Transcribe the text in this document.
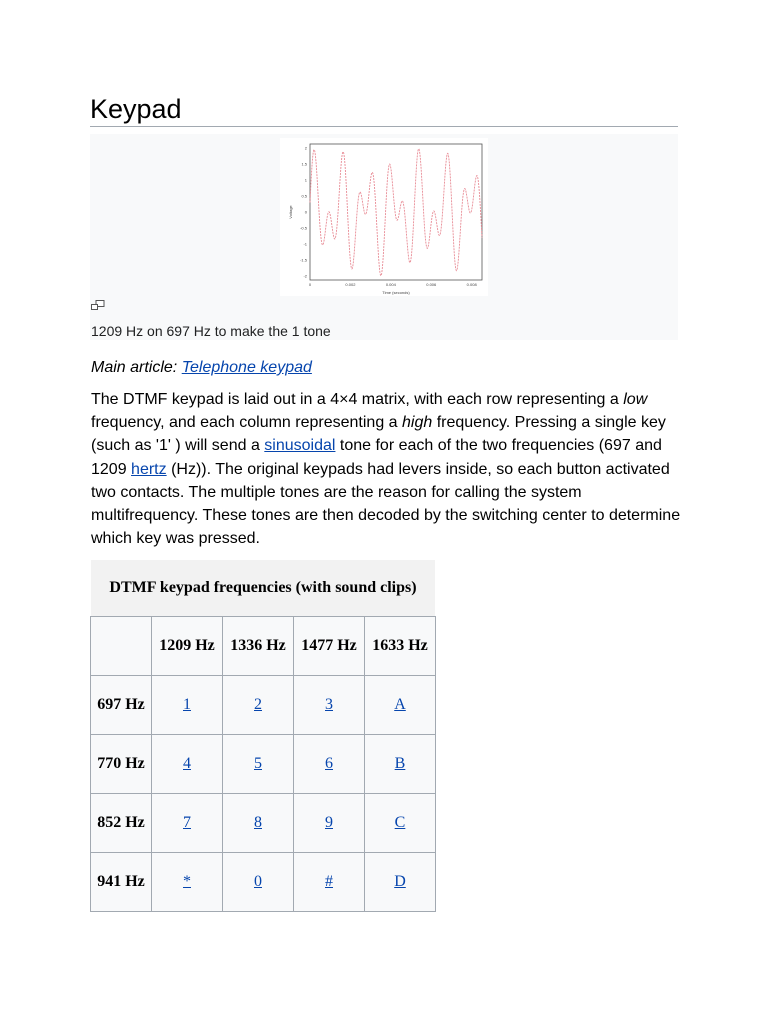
Keypad
2
1.5
1
0.5
0
-0.5
-1
-1.5
-2
0	0.002	0.004	0.006	0.008
Time (seconds)
Voltage
1209 Hz on 697 Hz to make the 1 tone
Main article: Telephone keypad

The DTMF keypad is laid out in a 4×4 matrix, with each row representing a low frequency, and each column representing a high frequency. Pressing a single key (such as '1' ) will send a sinusoidal tone for each of the two frequencies (697 and 1209 hertz (Hz)). The original keypads had levers inside, so each button activated two contacts. The multiple tones are the reason for calling the system multifrequency. These tones are then decoded by the switching center to determine which key was pressed.

DTMF keypad frequencies (with sound clips)
	1209 Hz	1336 Hz	1477 Hz	1633 Hz
697 Hz	1	2	3	A
770 Hz	4	5	6	B
852 Hz	7	8	9	C
941 Hz	*	0	#	D
